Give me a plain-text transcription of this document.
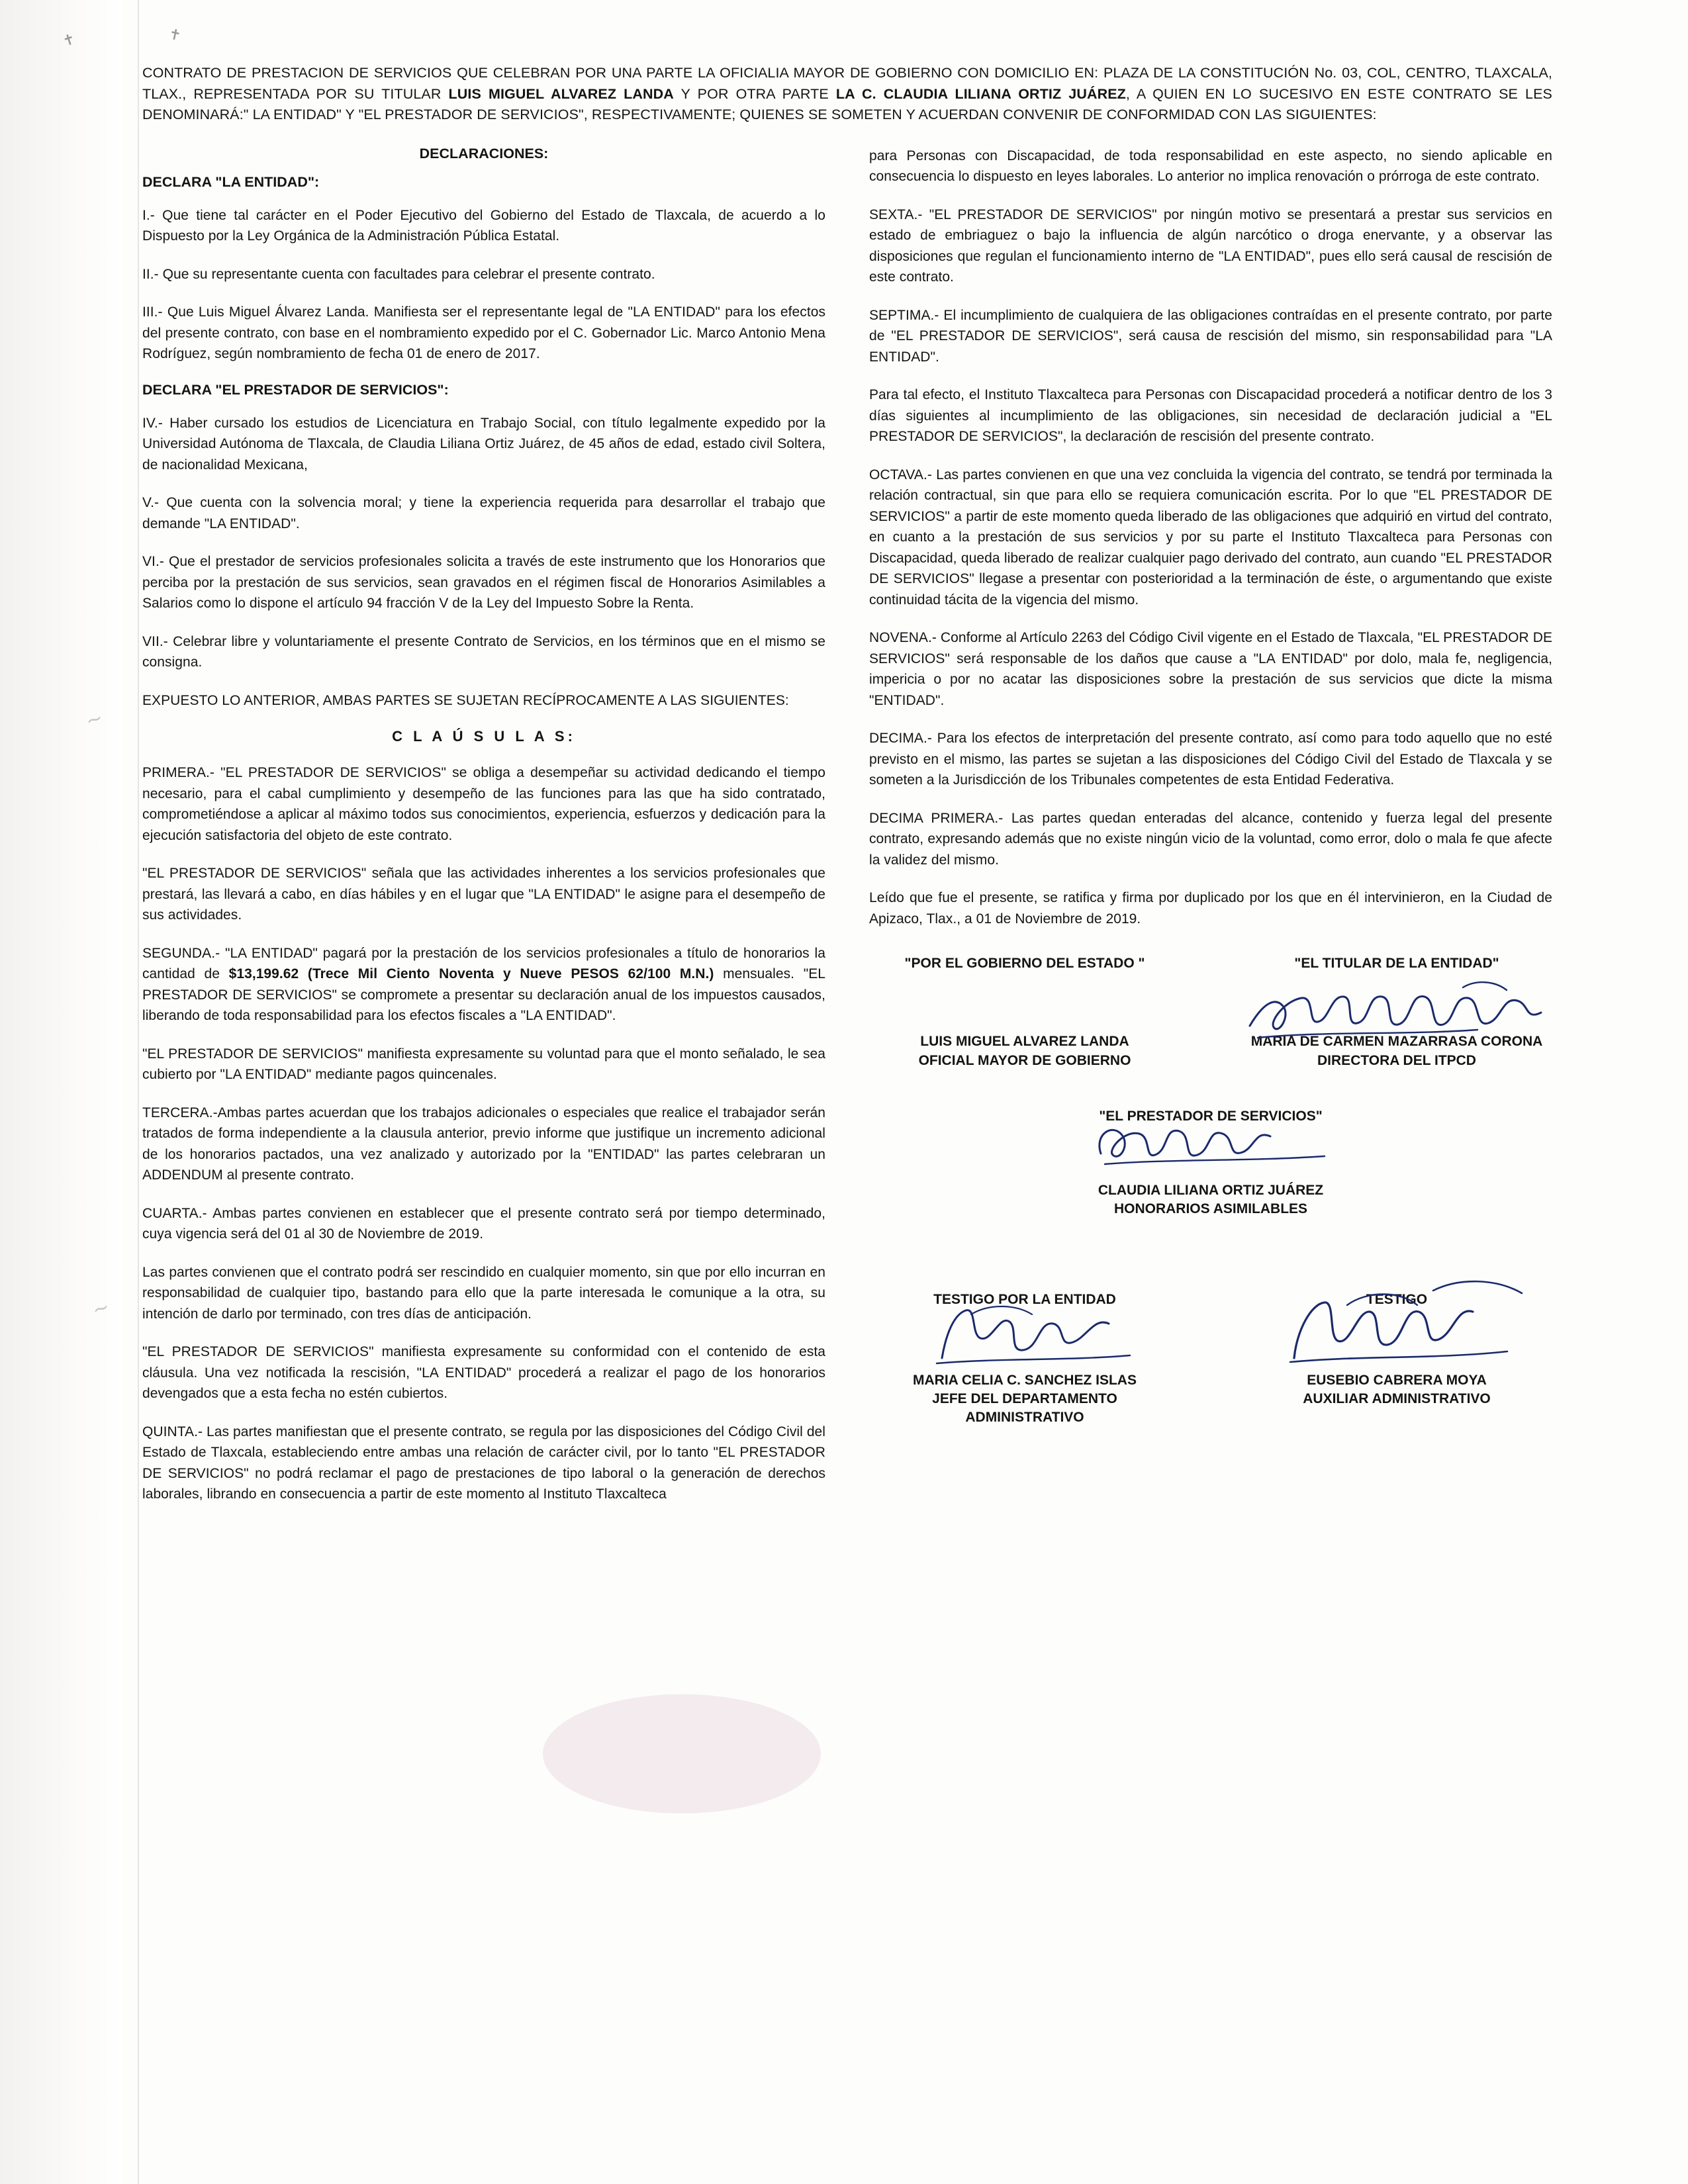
✝	✝
∼
∼
CONTRATO DE PRESTACION DE SERVICIOS QUE CELEBRAN POR UNA PARTE LA OFICIALIA MAYOR DE GOBIERNO CON DOMICILIO EN: PLAZA DE LA CONSTITUCIÓN No. 03, COL, CENTRO, TLAXCALA, TLAX., REPRESENTADA POR SU TITULAR LUIS MIGUEL ALVAREZ LANDA Y POR OTRA PARTE LA C. CLAUDIA LILIANA ORTIZ JUÁREZ, A QUIEN EN LO SUCESIVO EN ESTE CONTRATO SE LES DENOMINARÁ:" LA ENTIDAD" Y "EL PRESTADOR DE SERVICIOS", RESPECTIVAMENTE; QUIENES SE SOMETEN Y ACUERDAN CONVENIR DE CONFORMIDAD CON LAS SIGUIENTES:
DECLARACIONES:
DECLARA "LA ENTIDAD":

I.- Que tiene tal carácter en el Poder Ejecutivo del Gobierno del Estado de Tlaxcala, de acuerdo a lo Dispuesto por la Ley Orgánica de la Administración Pública Estatal.

II.- Que su representante cuenta con facultades para celebrar el presente contrato.

III.- Que Luis Miguel Álvarez Landa. Manifiesta ser el representante legal de "LA ENTIDAD" para los efectos del presente contrato, con base en el nombramiento expedido por el C. Gobernador Lic. Marco Antonio Mena Rodríguez, según nombramiento de fecha 01 de enero de 2017.

DECLARA "EL PRESTADOR DE SERVICIOS":

IV.- Haber cursado los estudios de Licenciatura en Trabajo Social, con título legalmente expedido por la Universidad Autónoma de Tlaxcala, de Claudia Liliana Ortiz Juárez, de 45 años de edad, estado civil Soltera, de nacionalidad Mexicana,

V.- Que cuenta con la solvencia moral; y tiene la experiencia requerida para desarrollar el trabajo que demande "LA ENTIDAD".

VI.- Que el prestador de servicios profesionales solicita a través de este instrumento que los Honorarios que perciba por la prestación de sus servicios, sean gravados en el régimen fiscal de Honorarios Asimilables a Salarios como lo dispone el artículo 94 fracción V de la Ley del Impuesto Sobre la Renta.

VII.- Celebrar libre y voluntariamente el presente Contrato de Servicios, en los términos que en el mismo se consigna.

EXPUESTO LO ANTERIOR, AMBAS PARTES SE SUJETAN RECÍPROCAMENTE A LAS SIGUIENTES:

C L A Ú S U L A S:

PRIMERA.- "EL PRESTADOR DE SERVICIOS" se obliga a desempeñar su actividad dedicando el tiempo necesario, para el cabal cumplimiento y desempeño de las funciones para las que ha sido contratado, comprometiéndose a aplicar al máximo todos sus conocimientos, experiencia, esfuerzos y dedicación para la ejecución satisfactoria del objeto de este contrato.

"EL PRESTADOR DE SERVICIOS" señala que las actividades inherentes a los servicios profesionales que prestará, las llevará a cabo, en días hábiles y en el lugar que "LA ENTIDAD" le asigne para el desempeño de sus actividades.

SEGUNDA.- "LA ENTIDAD" pagará por la prestación de los servicios profesionales a título de honorarios la cantidad de $13,199.62 (Trece Mil Ciento Noventa y Nueve PESOS 62/100 M.N.) mensuales. "EL PRESTADOR DE SERVICIOS" se compromete a presentar su declaración anual de los impuestos causados, liberando de toda responsabilidad para los efectos fiscales a "LA ENTIDAD".

"EL PRESTADOR DE SERVICIOS" manifiesta expresamente su voluntad para que el monto señalado, le sea cubierto por "LA ENTIDAD" mediante pagos quincenales.

TERCERA.-Ambas partes acuerdan que los trabajos adicionales o especiales que realice el trabajador serán tratados de forma independiente a la clausula anterior, previo informe que justifique un incremento adicional de los honorarios pactados, una vez analizado y autorizado por la "ENTIDAD" las partes celebraran un ADDENDUM al presente contrato.

CUARTA.- Ambas partes convienen en establecer que el presente contrato será por tiempo determinado, cuya vigencia será del 01 al 30 de Noviembre de 2019.

Las partes convienen que el contrato podrá ser rescindido en cualquier momento, sin que por ello incurran en responsabilidad de cualquier tipo, bastando para ello que la parte interesada le comunique a la otra, su intención de darlo por terminado, con tres días de anticipación.

"EL PRESTADOR DE SERVICIOS" manifiesta expresamente su conformidad con el contenido de esta cláusula. Una vez notificada la rescisión, "LA ENTIDAD" procederá a realizar el pago de los honorarios devengados que a esta fecha no estén cubiertos.

QUINTA.- Las partes manifiestan que el presente contrato, se regula por las disposiciones del Código Civil del Estado de Tlaxcala, estableciendo entre ambas una relación de carácter civil, por lo tanto "EL PRESTADOR DE SERVICIOS" no podrá reclamar el pago de prestaciones de tipo laboral o la generación de derechos laborales, librando en consecuencia a partir de este momento al Instituto Tlaxcalteca

para Personas con Discapacidad, de toda responsabilidad en este aspecto, no siendo aplicable en consecuencia lo dispuesto en leyes laborales. Lo anterior no implica renovación o prórroga de este contrato.

SEXTA.- "EL PRESTADOR DE SERVICIOS" por ningún motivo se presentará a prestar sus servicios en estado de embriaguez o bajo la influencia de algún narcótico o droga enervante, y a observar las disposiciones que regulan el funcionamiento interno de "LA ENTIDAD", pues ello será causal de rescisión de este contrato.

SEPTIMA.- El incumplimiento de cualquiera de las obligaciones contraídas en el presente contrato, por parte de "EL PRESTADOR DE SERVICIOS", será causa de rescisión del mismo, sin responsabilidad para "LA ENTIDAD".

Para tal efecto, el Instituto Tlaxcalteca para Personas con Discapacidad procederá a notificar dentro de los 3 días siguientes al incumplimiento de las obligaciones, sin necesidad de declaración judicial a "EL PRESTADOR DE SERVICIOS", la declaración de rescisión del presente contrato.

OCTAVA.- Las partes convienen en que una vez concluida la vigencia del contrato, se tendrá por terminada la relación contractual, sin que para ello se requiera comunicación escrita. Por lo que "EL PRESTADOR DE SERVICIOS" a partir de este momento queda liberado de las obligaciones que adquirió en virtud del contrato, en cuanto a la prestación de sus servicios y por su parte el Instituto Tlaxcalteca para Personas con Discapacidad, queda liberado de realizar cualquier pago derivado del contrato, aun cuando "EL PRESTADOR DE SERVICIOS" llegase a presentar con posterioridad a la terminación de éste, o argumentando que existe continuidad tácita de la vigencia del mismo.

NOVENA.- Conforme al Artículo 2263 del Código Civil vigente en el Estado de Tlaxcala, "EL PRESTADOR DE SERVICIOS" será responsable de los daños que cause a "LA ENTIDAD" por dolo, mala fe, negligencia, impericia o por no acatar las disposiciones sobre la prestación de sus servicios que dicte la misma "ENTIDAD".

DECIMA.- Para los efectos de interpretación del presente contrato, así como para todo aquello que no esté previsto en el mismo, las partes se sujetan a las disposiciones del Código Civil del Estado de Tlaxcala y se someten a la Jurisdicción de los Tribunales competentes de esta Entidad Federativa.

DECIMA PRIMERA.- Las partes quedan enteradas del alcance, contenido y fuerza legal del presente contrato, expresando además que no existe ningún vicio de la voluntad, como error, dolo o mala fe que afecte la validez del mismo.

Leído que fue el presente, se ratifica y firma por duplicado por los que en él intervinieron, en la Ciudad de Apizaco, Tlax., a 01 de Noviembre de 2019.

"POR EL GOBIERNO DEL ESTADO "
LUIS MIGUEL ALVAREZ LANDA
OFICIAL MAYOR DE GOBIERNO
"EL TITULAR DE LA ENTIDAD"
MARIA DE CARMEN MAZARRASA CORONA
DIRECTORA DEL ITPCD
"EL PRESTADOR DE SERVICIOS"
CLAUDIA LILIANA ORTIZ JUÁREZ
HONORARIOS ASIMILABLES
TESTIGO POR LA ENTIDAD
MARIA CELIA C. SANCHEZ ISLAS
JEFE DEL DEPARTAMENTO
ADMINISTRATIVO
TESTIGO
EUSEBIO CABRERA MOYA
AUXILIAR ADMINISTRATIVO
